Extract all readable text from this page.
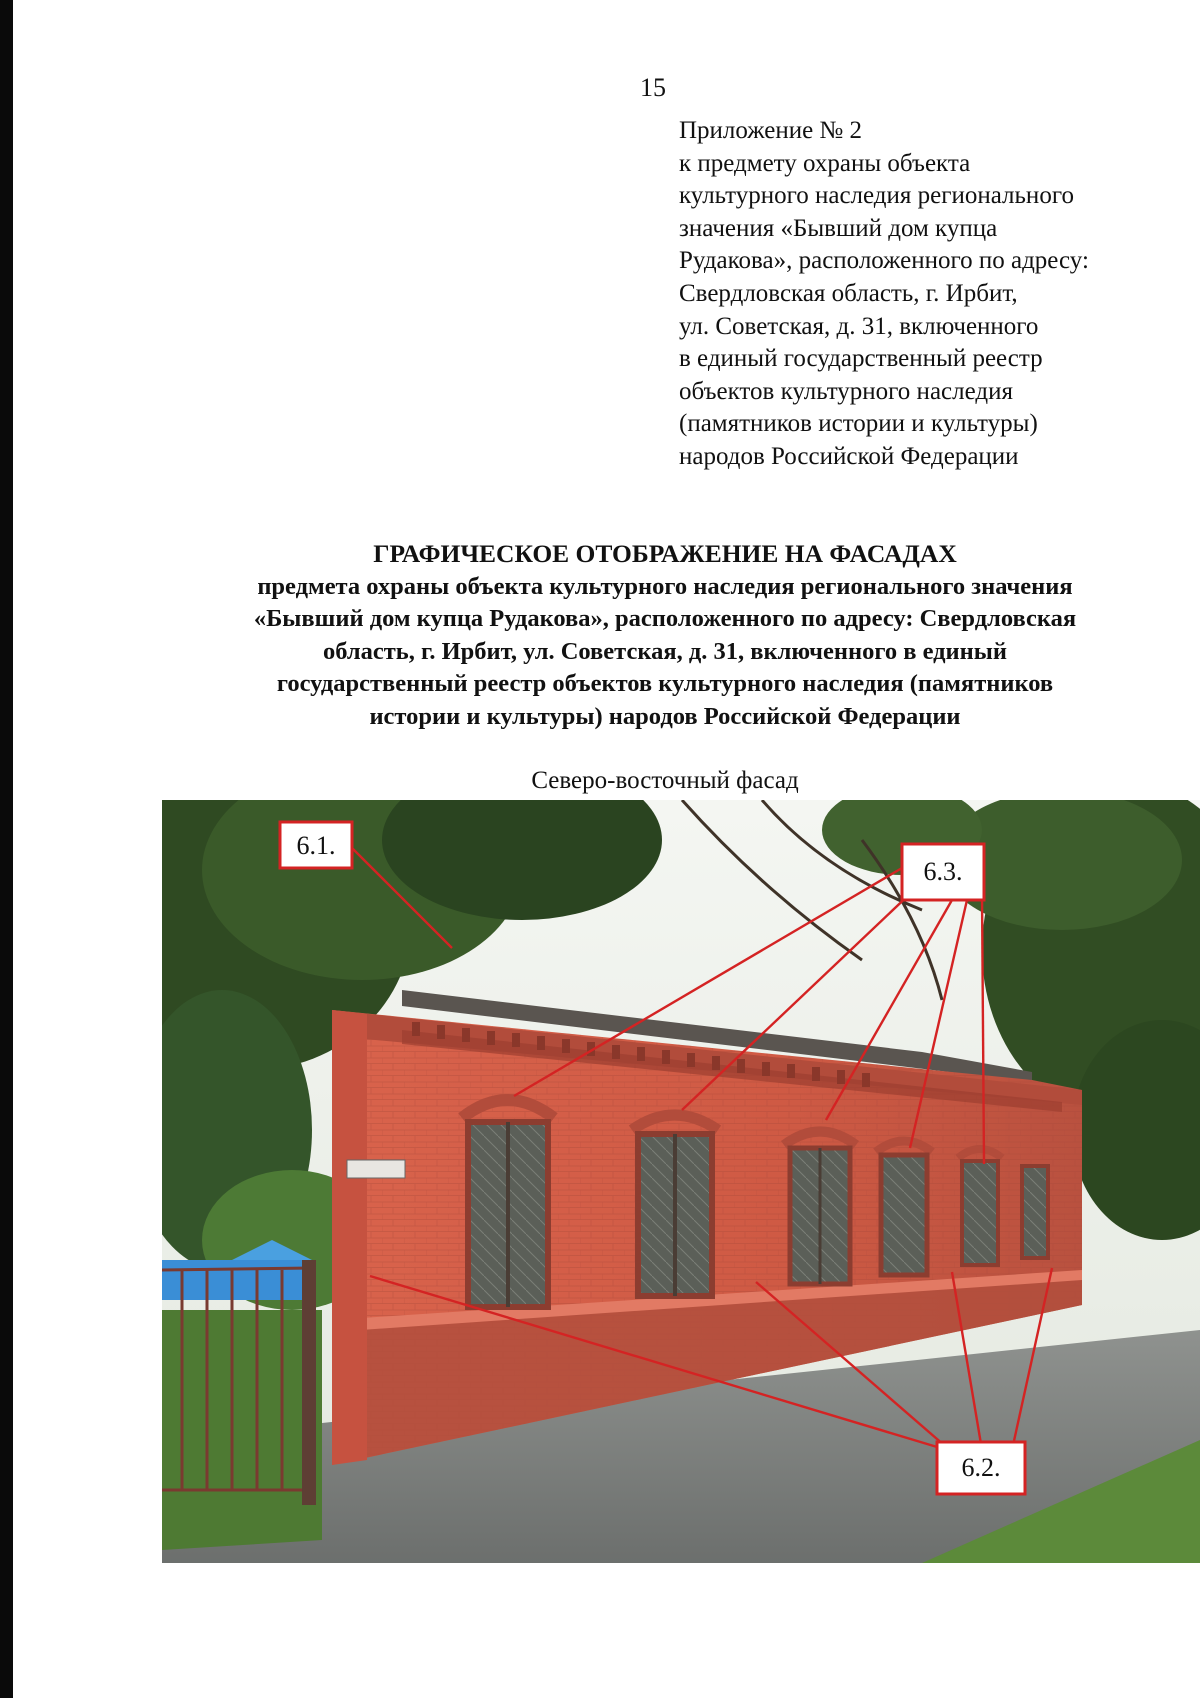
15
Приложение № 2
к предмету охраны объекта
культурного наследия регионального
значения «Бывший дом купца
Рудакова», расположенного по адресу:
Свердловская область, г. Ирбит,
ул. Советская, д. 31, включенного
в единый государственный реестр
объектов культурного наследия
(памятников истории и культуры)
народов Российской Федерации
ГРАФИЧЕСКОЕ ОТОБРАЖЕНИЕ НА ФАСАДАХ
предмета охраны объекта культурного наследия регионального значения
«Бывший дом купца Рудакова», расположенного по адресу: Свердловская
область, г. Ирбит, ул. Советская, д. 31, включенного в единый
государственный реестр объектов культурного наследия (памятников
истории и культуры) народов Российской Федерации
Северо-восточный фасад
6.1.
6.3.
6.2.
